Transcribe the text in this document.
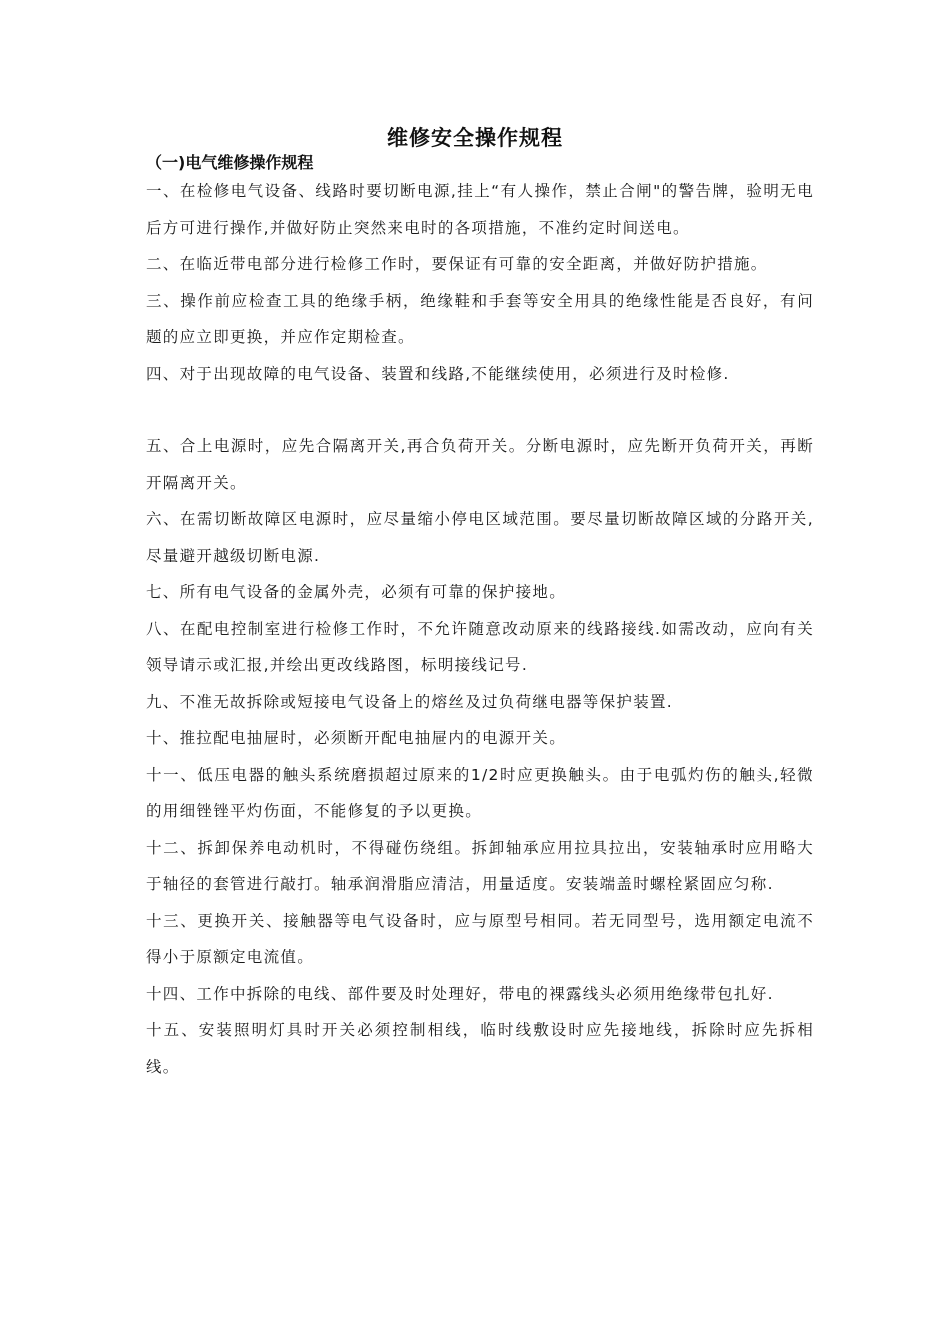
维修安全操作规程
（一)电气维修操作规程

一、在检修电气设备、线路时要切断电源,挂上“有人操作，禁止合闸"的警告牌，验明无电后方可进行操作,并做好防止突然来电时的各项措施，不准约定时间送电。

二、在临近带电部分进行检修工作时，要保证有可靠的安全距离，并做好防护措施。

三、操作前应检查工具的绝缘手柄，绝缘鞋和手套等安全用具的绝缘性能是否良好，有问题的应立即更换，并应作定期检查。

四、对于出现故障的电气设备、装置和线路,不能继续使用，必须进行及时检修.

五、合上电源时，应先合隔离开关,再合负荷开关。分断电源时，应先断开负荷开关，再断开隔离开关。

六、在需切断故障区电源时，应尽量缩小停电区域范围。要尽量切断故障区域的分路开关,尽量避开越级切断电源.

七、所有电气设备的金属外壳，必须有可靠的保护接地。

八、在配电控制室进行检修工作时，不允许随意改动原来的线路接线.如需改动，应向有关领导请示或汇报,并绘出更改线路图，标明接线记号.

九、不准无故拆除或短接电气设备上的熔丝及过负荷继电器等保护装置.

十、推拉配电抽屉时，必须断开配电抽屉内的电源开关。

十一、低压电器的触头系统磨损超过原来的1/2时应更换触头。由于电弧灼伤的触头,轻微的用细锉锉平灼伤面，不能修复的予以更换。

十二、拆卸保养电动机时，不得碰伤绕组。拆卸轴承应用拉具拉出，安装轴承时应用略大于轴径的套管进行敲打。轴承润滑脂应清洁，用量适度。安装端盖时螺栓紧固应匀称.

十三、更换开关、接触器等电气设备时，应与原型号相同。若无同型号，选用额定电流不得小于原额定电流值。

十四、工作中拆除的电线、部件要及时处理好，带电的裸露线头必须用绝缘带包扎好.

十五、安装照明灯具时开关必须控制相线，临时线敷设时应先接地线，拆除时应先拆相线。
